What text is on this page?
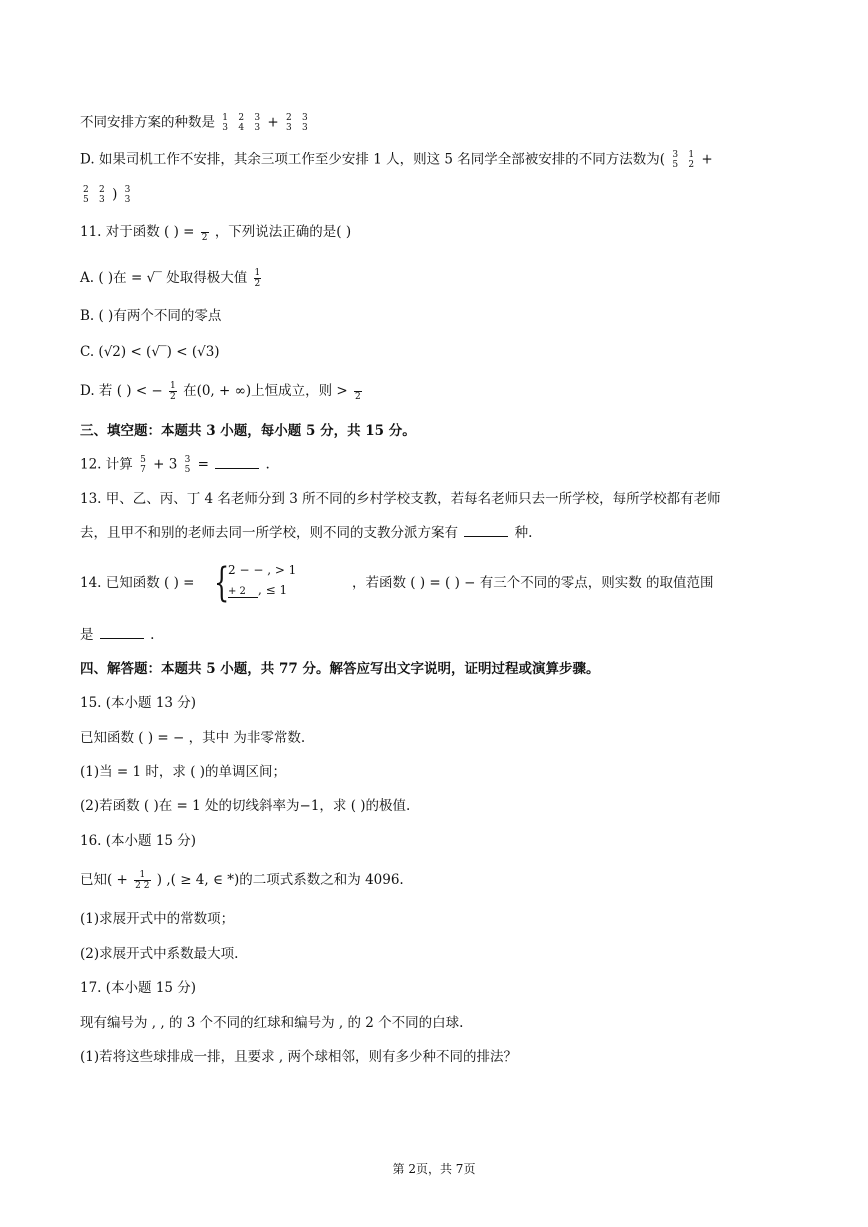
不同安排方案的种数是 1
3

2
4

3
3 + 2
3

3
3
D. 如果司机工作不安排，其余三项工作至少安排 1 人，则这 5 名同学全部被安排的不同方法数为( 3
5

1
2 +
2
5

2
3 ) 3
3
11. 对于函数 ( ) =
2 ，下列说法正确的是( )
A. ( )在 = √‾ 处取得极大值 $\frac{1}{2}$
B. ( )有两个不同的零点
C. (√2) < (√‾) < (√3)
D. 若 ( ) < − $\frac{1}{2}$ 在(0, + ∞)上恒成立，则 >
2
三、填空题：本题共 3 小题，每小题 5 分，共 15 分。
12. 计算 5
7 + 3 3
5 =	.
13. 甲、乙、丙、丁 4 名老师分到 3 所不同的乡村学校支教，若每名老师只去一所学校，每所学校都有老师
去，且甲不和别的老师去同一所学校，则不同的支教分派方案有	种.
14. 已知函数 ( ) = {
2 − − , > 1
+ 2 , ≤ 1	，若函数 ( ) = ( ) − 有三个不同的零点，则实数 的取值范围
是	.
四、解答题：本题共 5 小题，共 77 分。解答应写出文字说明，证明过程或演算步骤。
15. (本小题 13 分)
已知函数 ( ) = − ，其中 为非零常数.
(1)当 = 1 时，求 ( )的单调区间；
(2)若函数 ( )在 = 1 处的切线斜率为−1，求 ( )的极值.
16. (本小题 15 分)
已知( + $\frac{1}{2 2}$ ) ,( ≥ 4, ∈ *)的二项式系数之和为 4096.
(1)求展开式中的常数项；
(2)求展开式中系数最大项.
17. (本小题 15 分)
现有编号为 , , 的 3 个不同的红球和编号为 , 的 2 个不同的白球.
(1)若将这些球排成一排，且要求 , 两个球相邻，则有多少种不同的排法？
第 2页，共 7页
